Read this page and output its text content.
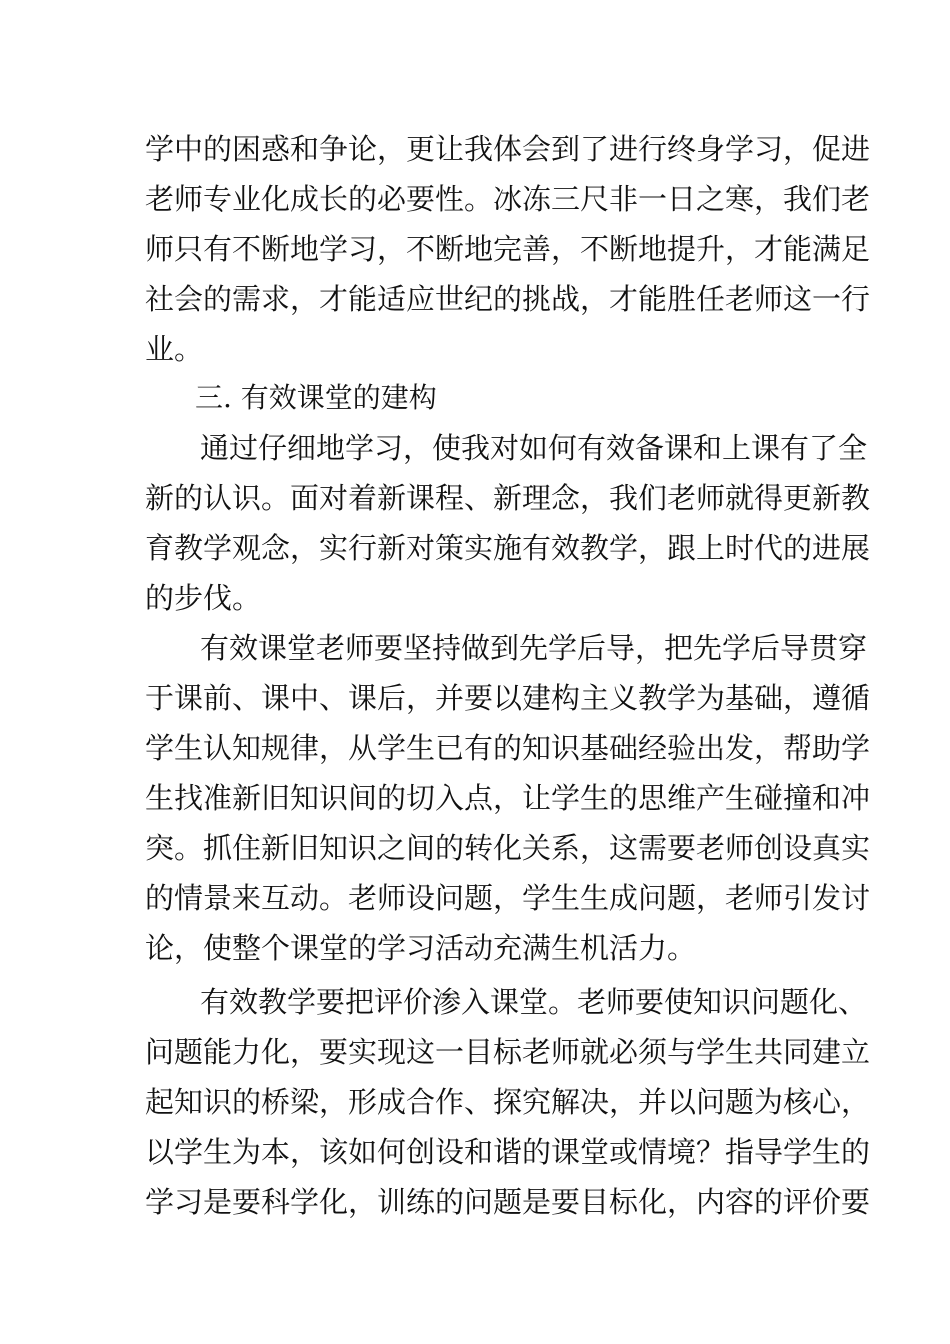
学中的困惑和争论，更让我体会到了进行终身学习，促进
老师专业化成长的必要性。冰冻三尺非一日之寒，我们老
师只有不断地学习，不断地完善，不断地提升，才能满足
社会的需求，才能适应世纪的挑战，才能胜任老师这一行
业。
三. 有效课堂的建构
通过仔细地学习，使我对如何有效备课和上课有了全
新的认识。面对着新课程、新理念，我们老师就得更新教
育教学观念，实行新对策实施有效教学，跟上时代的进展
的步伐。
有效课堂老师要坚持做到先学后导，把先学后导贯穿
于课前、课中、课后，并要以建构主义教学为基础，遵循
学生认知规律，从学生已有的知识基础经验出发，帮助学
生找准新旧知识间的切入点，让学生的思维产生碰撞和冲
突。抓住新旧知识之间的转化关系，这需要老师创设真实
的情景来互动。老师设问题，学生生成问题，老师引发讨
论，使整个课堂的学习活动充满生机活力。
有效教学要把评价渗入课堂。老师要使知识问题化、
问题能力化，要实现这一目标老师就必须与学生共同建立
起知识的桥梁，形成合作、探究解决，并以问题为核心，
以学生为本，该如何创设和谐的课堂或情境？指导学生的
学习是要科学化，训练的问题是要目标化，内容的评价要
